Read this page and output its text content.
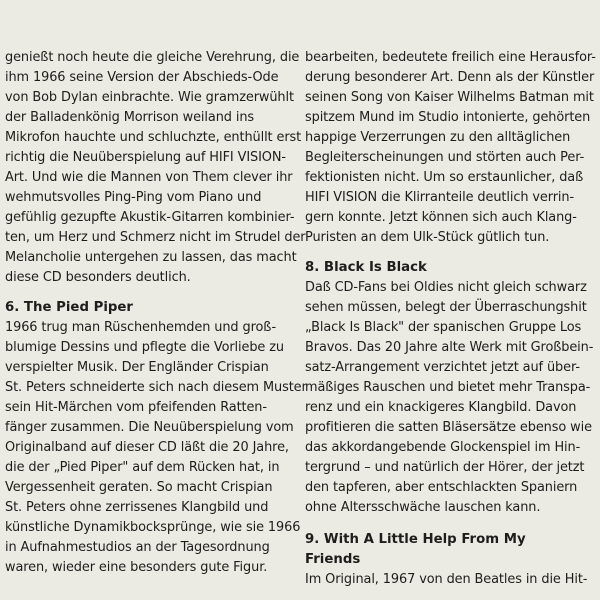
genießt noch heute die gleiche Verehrung, die
ihm 1966 seine Version der Abschieds-Ode
von Bob Dylan einbrachte. Wie gramzerwühlt
der Balladenkönig Morrison weiland ins
Mikrofon hauchte und schluchzte, enthüllt erst
richtig die Neuüberspielung auf HIFI VISION-
Art. Und wie die Mannen von Them clever ihr
wehmutsvolles Ping-Ping vom Piano und
gefühlig gezupfte Akustik-Gitarren kombinier-
ten, um Herz und Schmerz nicht im Strudel der
Melancholie untergehen zu lassen, das macht
diese CD besonders deutlich.
6. The Pied Piper
1966 trug man Rüschenhemden und groß-
blumige Dessins und pflegte die Vorliebe zu
verspielter Musik. Der Engländer Crispian
St. Peters schneiderte sich nach diesem Muster
sein Hit-Märchen vom pfeifenden Ratten-
fänger zusammen. Die Neuüberspielung vom
Originalband auf dieser CD läßt die 20 Jahre,
die der „Pied Piper" auf dem Rücken hat, in
Vergessenheit geraten. So macht Crispian
St. Peters ohne zerrissenes Klangbild und
künstliche Dynamikbocksprünge, wie sie 1966
in Aufnahmestudios an der Tagesordnung
waren, wieder eine besonders gute Figur.
bearbeiten, bedeutete freilich eine Herausfor-
derung besonderer Art. Denn als der Künstler
seinen Song von Kaiser Wilhelms Batman mit
spitzem Mund im Studio intonierte, gehörten
happige Verzerrungen zu den alltäglichen
Begleiterscheinungen und störten auch Per-
fektionisten nicht. Um so erstaunlicher, daß
HIFI VISION die Klirranteile deutlich verrin-
gern konnte. Jetzt können sich auch Klang-
Puristen an dem Ulk-Stück gütlich tun.
8. Black Is Black
Daß CD-Fans bei Oldies nicht gleich schwarz
sehen müssen, belegt der Überraschungshit
„Black Is Black" der spanischen Gruppe Los
Bravos. Das 20 Jahre alte Werk mit Großbein-
satz-Arrangement verzichtet jetzt auf über-
mäßiges Rauschen und bietet mehr Transpa-
renz und ein knackigeres Klangbild. Davon
profitieren die satten Bläsersätze ebenso wie
das akkordangebende Glockenspiel im Hin-
tergrund – und natürlich der Hörer, der jetzt
den tapferen, aber entschlackten Spaniern
ohne Altersschwäche lauschen kann.
9. With A Little Help From My
Friends
Im Original, 1967 von den Beatles in die Hit-
